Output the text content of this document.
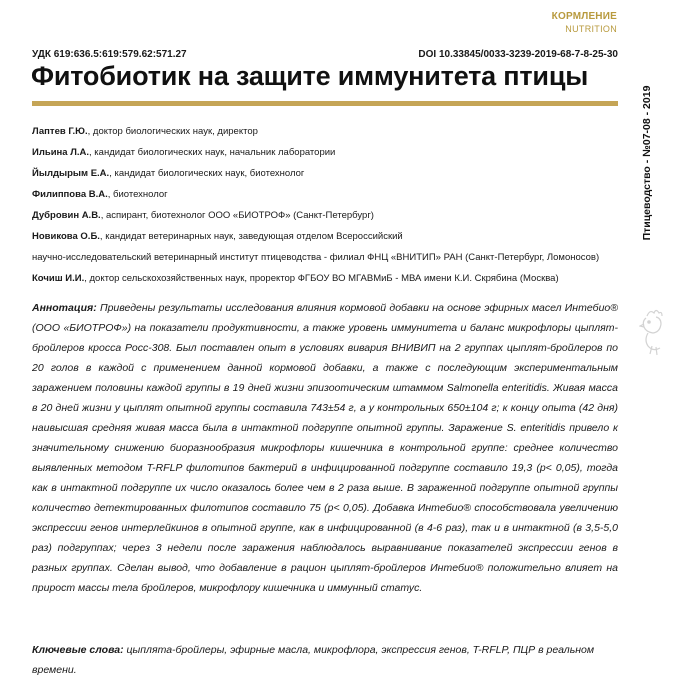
КОРМЛЕНИЕ
NUTRITION
УДК 619:636.5:619:579.62:571.27	DOI 10.33845/0033-3239-2019-68-7-8-25-30
Фитобиотик на защите иммунитета птицы
Лаптев Г.Ю., доктор биологических наук, директор
Ильина Л.А., кандидат биологических наук, начальник лаборатории
Йылдырым Е.А., кандидат биологических наук, биотехнолог
Филиппова В.А., биотехнолог
Дубровин А.В., аспирант, биотехнолог ООО «БИОТРОФ» (Санкт-Петербург)
Новикова О.Б., кандидат ветеринарных наук, заведующая отделом Всероссийский
научно-исследовательский ветеринарный институт птицеводства - филиал ФНЦ «ВНИТИП» РАН (Санкт-Петербург, Ломоносов)
Кочиш И.И., доктор сельскохозяйственных наук, проректор ФГБОУ ВО МГАВМиБ - МВА имени К.И. Скрябина (Москва)
Птицеводство - №07-08 - 2019
Аннотация: Приведены результаты исследования влияния кормовой добавки на основе эфирных масел Интебио® (ООО «БИОТРОФ») на показатели продуктивности, а также уровень иммунитета и баланс микрофлоры цыплят-бройлеров кросса Росс-308. Был поставлен опыт в условиях вивария ВНИВИП на 2 группах цыплят-бройлеров по 20 голов в каждой с применением данной кормовой добавки, а также с последующим экспериментальным заражением половины каждой группы в 19 дней жизни эпизоотическим штаммом Salmonella enteritidis. Живая масса в 20 дней жизни у цыплят опытной группы составила 743±54 г, а у контрольных 650±104 г; к концу опыта (42 дня) наивысшая средняя живая масса была в интактной подгруппе опытной группы. Заражение S. enteritidis привело к значительному снижению биоразнообразия микрофлоры кишечника в контрольной группе: среднее количество выявленных методом T-RFLP филотипов бактерий в инфицированной подгруппе составило 19,3 (р< 0,05), тогда как в интактной подгруппе их число оказалось более чем в 2 раза выше. В зараженной подгруппе опытной группы количество детектированных филотипов составило 75 (р< 0,05). Добавка Интебио® способствовала увеличению экспрессии генов интерлейкинов в опытной группе, как в инфицированной (в 4-6 раз), так и в интактной (в 3,5-5,0 раз) подгруппах; через 3 недели после заражения наблюдалось выравнивание показателей экспрессии генов в разных группах. Сделан вывод, что добавление в рацион цыплят-бройлеров Интебио® положительно влияет на прирост массы тела бройлеров, микрофлору кишечника и иммунный статус.
Ключевые слова: цыплята-бройлеры, эфирные масла, микрофлора, экспрессия генов, T-RFLP, ПЦР в реальном времени.
